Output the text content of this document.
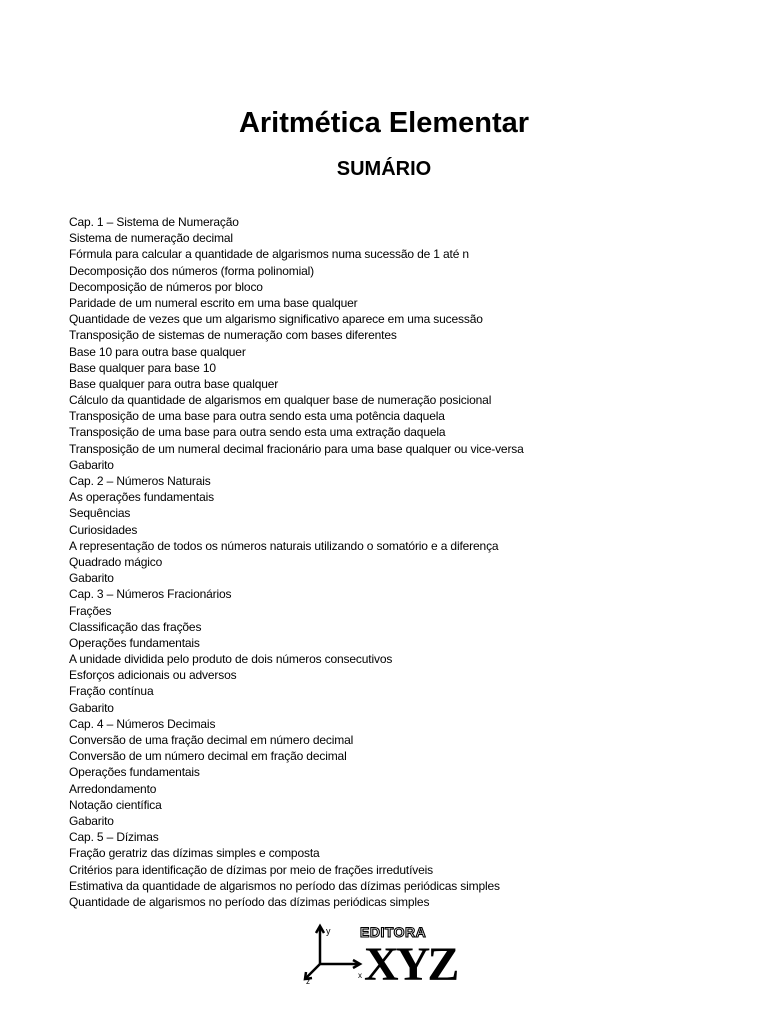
Aritmética Elementar
SUMÁRIO
Cap. 1 – Sistema de Numeração
Sistema de numeração decimal
Fórmula para calcular a quantidade de algarismos numa sucessão de 1 até n
Decomposição dos números (forma polinomial)
Decomposição de números por bloco
Paridade de um numeral escrito em uma base qualquer
Quantidade de vezes que um algarismo significativo aparece em uma sucessão
Transposição de sistemas de numeração com bases diferentes
Base 10 para outra base qualquer
Base qualquer para base 10
Base qualquer para outra base qualquer
Cálculo da quantidade de algarismos em qualquer base de numeração posicional
Transposição de uma base para outra sendo esta uma potência daquela
Transposição de uma base para outra sendo esta uma extração daquela
Transposição de um numeral decimal fracionário para uma base qualquer ou vice-versa
Gabarito
Cap. 2 – Números Naturais
As operações fundamentais
Sequências
Curiosidades
A representação de todos os números naturais utilizando o somatório e a diferença
Quadrado mágico
Gabarito
Cap. 3 – Números Fracionários
Frações
Classificação das frações
Operações fundamentais
A unidade dividida pelo produto de dois números consecutivos
Esforços adicionais ou adversos
Fração contínua
Gabarito
Cap. 4 – Números Decimais
Conversão de uma fração decimal em número decimal
Conversão de um número decimal em fração decimal
Operações fundamentais
Arredondamento
Notação científica
Gabarito
Cap. 5 – Dízimas
Fração geratriz das dízimas simples e composta
Critérios para identificação de dízimas por meio de frações irredutíveis
Estimativa da quantidade de algarismos no período das dízimas periódicas simples
Quantidade de algarismos no período das dízimas periódicas simples
y
z
x
EDITORA
XYZ
